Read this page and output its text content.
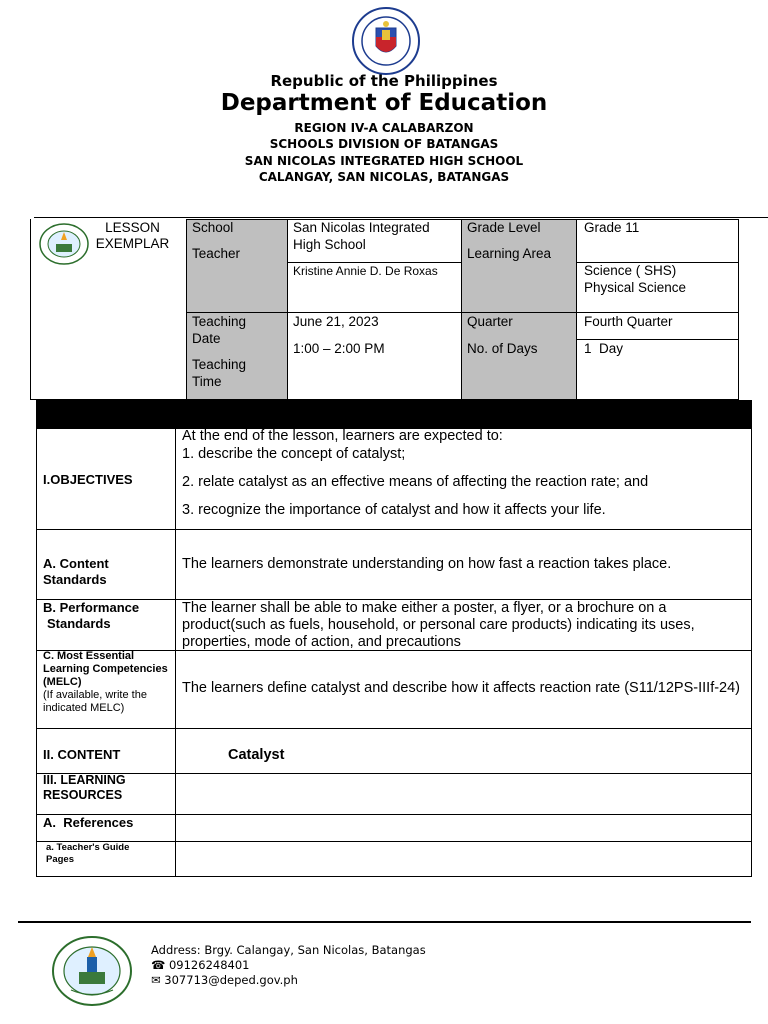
Republic of the Philippines
Department of Education
REGION IV-A CALABARZON
SCHOOLS DIVISION OF BATANGAS
SAN NICOLAS INTEGRATED HIGH SCHOOL
CALANGAY, SAN NICOLAS, BATANGAS
LESSON EXEMPLAR
School
Teacher
San Nicolas Integrated High School
Kristine Annie D. De Roxas
Grade Level
Learning Area
Grade 11
Science ( SHS) Physical Science
Teaching Date
Teaching Time
June 21, 2023
1:00 – 2:00 PM
Quarter
No. of Days
Fourth Quarter
1  Day
I.OBJECTIVES
At the end of the lesson, learners are expected to:
1. describe the concept of catalyst;
2. relate catalyst as an effective means of affecting the reaction rate; and
3. recognize the importance of catalyst and how it affects your life.
A. Content Standards
The learners demonstrate understanding on how fast a reaction takes place.
B. Performance Standards
The learner shall be able to make either a poster, a flyer, or a brochure on a product(such as fuels, household, or personal care products) indicating its uses, properties, mode of action, and precautions
C. Most Essential Learning Competencies (MELC)
(If available, write the indicated MELC)
The learners define catalyst and describe how it affects reaction rate (S11/12PS-IIIf-24)
II. CONTENT	Catalyst
III. LEARNING RESOURCES
A.  References
a. Teacher's Guide Pages
Address: Brgy. Calangay, San Nicolas, Batangas
☎ 09126248401
✉ 307713@deped.gov.ph
